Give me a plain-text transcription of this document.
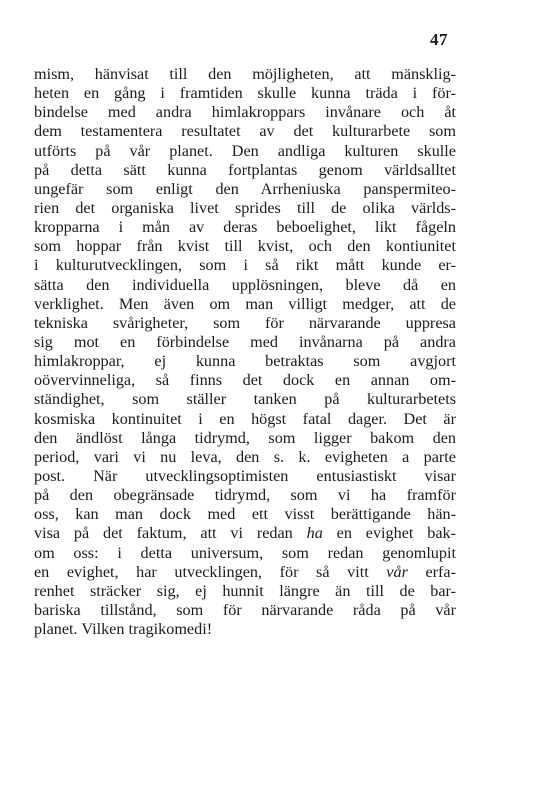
47
mism, hänvisat till den möjligheten, att mänsklig-
heten en gång i framtiden skulle kunna träda i för-
bindelse med andra himlakroppars invånare och åt
dem testamentera resultatet av det kulturarbete som
utförts på vår planet. Den andliga kulturen skulle
på detta sätt kunna fortplantas genom världsalltet
ungefär som enligt den Arrheniuska panspermiteo-
rien det organiska livet sprides till de olika världs-
kropparna i mån av deras beboelighet, likt fågeln
som hoppar från kvist till kvist, och den kontiunitet
i kulturutvecklingen, som i så rikt mått kunde er-
sätta den individuella upplösningen, bleve då en
verklighet. Men även om man villigt medger, att de
tekniska svårigheter, som för närvarande uppresa
sig mot en förbindelse med invånarna på andra
himlakroppar, ej kunna betraktas som avgjort
oövervinneliga, så finns det dock en annan om-
ständighet, som ställer tanken på kulturarbetets
kosmiska kontinuitet i en högst fatal dager. Det är
den ändlöst långa tidrymd, som ligger bakom den
period, vari vi nu leva, den s. k. evigheten a parte
post. När utvecklingsoptimisten entusiastiskt visar
på den obegränsade tidrymd, som vi ha framför
oss, kan man dock med ett visst berättigande hän-
visa på det faktum, att vi redan ha en evighet bak-
om oss: i detta universum, som redan genomlupit
en evighet, har utvecklingen, för så vitt vår erfa-
renhet sträcker sig, ej hunnit längre än till de bar-
bariska tillstånd, som för närvarande råda på vår
planet. Vilken tragikomedi!
